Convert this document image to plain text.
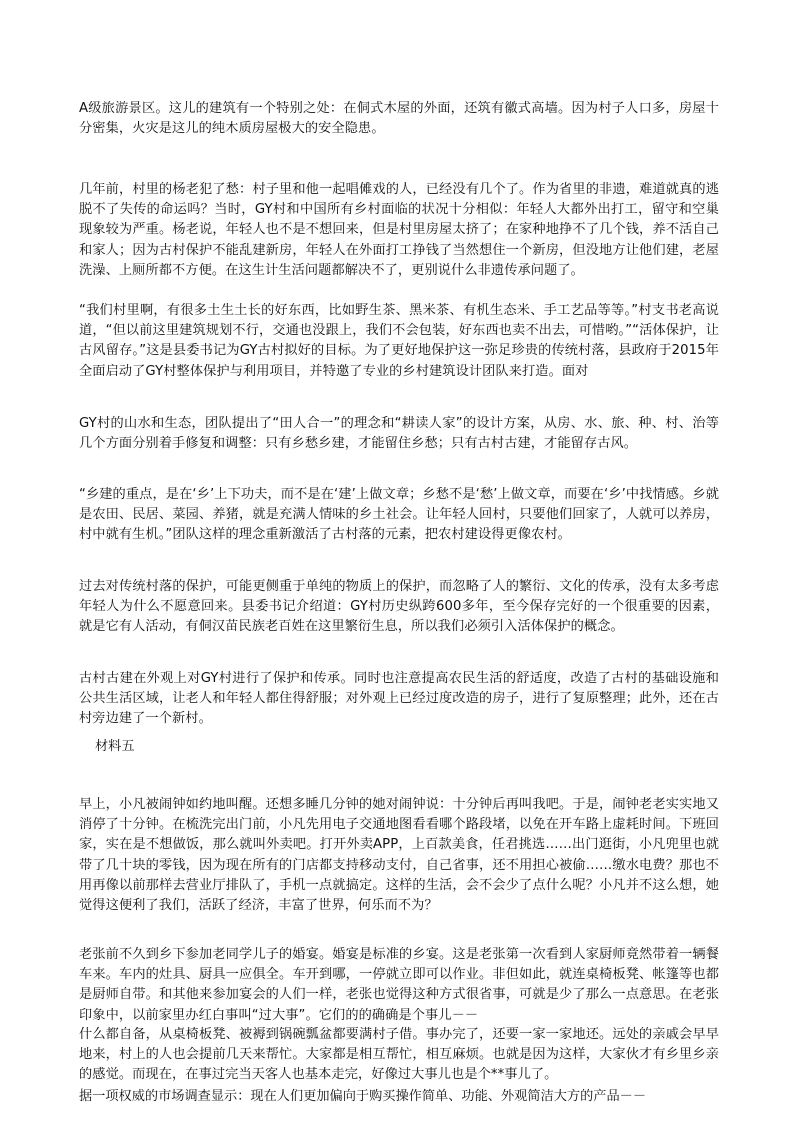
A级旅游景区。这儿的建筑有一个特别之处：在侗式木屋的外面，还筑有徽式高墙。因为村子人口多，房屋十分密集，火灾是这儿的纯木质房屋极大的安全隐患。

几年前，村里的杨老犯了愁：村子里和他一起唱傩戏的人，已经没有几个了。作为省里的非遗，难道就真的逃脱不了失传的命运吗？当时，GY村和中国所有乡村面临的状况十分相似：年轻人大都外出打工，留守和空巢现象较为严重。杨老说，年轻人也不是不想回来，但是村里房屋太挤了；在家种地挣不了几个钱，养不活自己和家人；因为古村保护不能乱建新房，年轻人在外面打工挣钱了当然想住一个新房，但没地方让他们建，老屋洗澡、上厕所都不方便。在这生计生活问题都解决不了，更别说什么非遗传承问题了。

“我们村里啊，有很多土生土长的好东西，比如野生茶、黑米茶、有机生态米、手工艺品等等。”村支书老高说道，“但以前这里建筑规划不行，交通也没跟上，我们不会包装，好东西也卖不出去，可惜哟。”“活体保护，让古风留存。”这是县委书记为GY古村拟好的目标。为了更好地保护这一弥足珍贵的传统村落，县政府于2015年全面启动了GY村整体保护与利用项目，并特邀了专业的乡村建筑设计团队来打造。面对

GY村的山水和生态，团队提出了“田人合一”的理念和“耕读人家”的设计方案，从房、水、旅、种、村、治等几个方面分别着手修复和调整：只有乡愁乡建，才能留住乡愁；只有古村古建，才能留存古风。

“乡建的重点，是在‘乡’上下功夫，而不是在‘建’上做文章；乡愁不是‘愁’上做文章，而要在‘乡’中找情感。乡就是农田、民居、菜园、养猪，就是充满人情味的乡土社会。让年轻人回村，只要他们回家了，人就可以养房，村中就有生机。”团队这样的理念重新激活了古村落的元素，把农村建设得更像农村。

过去对传统村落的保护，可能更侧重于单纯的物质上的保护，而忽略了人的繁衍、文化的传承，没有太多考虑年轻人为什么不愿意回来。县委书记介绍道：GY村历史纵跨600多年，至今保存完好的一个很重要的因素，就是它有人活动，有侗汉苗民族老百姓在这里繁衍生息，所以我们必须引入活体保护的概念。

古村古建在外观上对GY村进行了保护和传承。同时也注意提高农民生活的舒适度，改造了古村的基础设施和公共生活区域，让老人和年轻人都住得舒服；对外观上已经过度改造的房子，进行了复原整理；此外，还在古村旁边建了一个新村。

材料五

早上，小凡被闹钟如约地叫醒。还想多睡几分钟的她对闹钟说：十分钟后再叫我吧。于是，闹钟老老实实地又消停了十分钟。在梳洗完出门前，小凡先用电子交通地图看看哪个路段堵，以免在开车路上虚耗时间。下班回家，实在是不想做饭，那么就叫外卖吧。打开外卖APP，上百款美食，任君挑选……出门逛街，小凡兜里也就带了几十块的零钱，因为现在所有的门店都支持移动支付，自己省事，还不用担心被偷……缴水电费？那也不用再像以前那样去营业厅排队了，手机一点就搞定。这样的生活，会不会少了点什么呢？小凡并不这么想，她觉得这便利了我们，活跃了经济，丰富了世界，何乐而不为？

老张前不久到乡下参加老同学儿子的婚宴。婚宴是标准的乡宴。这是老张第一次看到人家厨师竟然带着一辆餐车来。车内的灶具、厨具一应俱全。车开到哪，一停就立即可以作业。非但如此，就连桌椅板凳、帐篷等也都是厨师自带。和其他来参加宴会的人们一样，老张也觉得这种方式很省事，可就是少了那么一点意思。在老张印象中，以前家里办红白事叫“过大事”。它们的的确确是个事儿－－

什么都自备，从桌椅板凳、被褥到锅碗瓢盆都要满村子借。事办完了，还要一家一家地还。远处的亲戚会早早地来，村上的人也会提前几天来帮忙。大家都是相互帮忙，相互麻烦。也就是因为这样，大家伙才有乡里乡亲的感觉。而现在，在事过完当天客人也基本走完，好像过大事儿也是个**事儿了。

据一项权威的市场调查显示：现在人们更加偏向于购买操作简单、功能、外观简洁大方的产品－－
